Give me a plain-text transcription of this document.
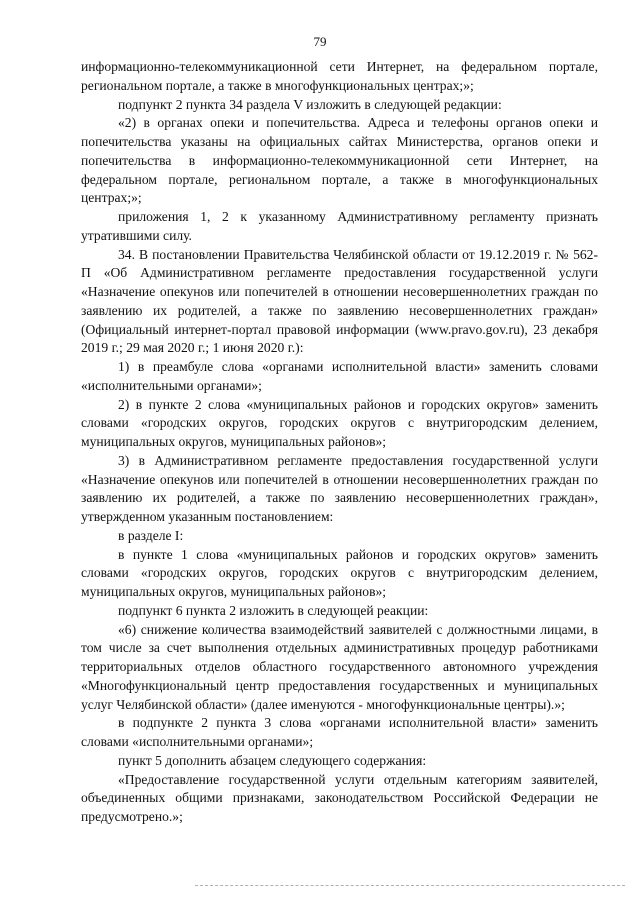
79

информационно-телекоммуникационной сети Интернет, на федеральном портале, региональном портале, а также в многофункциональных центрах;»;

подпункт 2 пункта 34 раздела V изложить в следующей редакции:

«2) в органах опеки и попечительства. Адреса и телефоны органов опеки и попечительства указаны на официальных сайтах Министерства, органов опеки и попечительства в информационно-телекоммуникационной сети Интернет, на федеральном портале, региональном портале, а также в многофункциональных центрах;»;

приложения 1, 2 к указанному Административному регламенту признать утратившими силу.

34. В постановлении Правительства Челябинской области от 19.12.2019 г. № 562-П «Об Административном регламенте предоставления государственной услуги «Назначение опекунов или попечителей в отношении несовершеннолетних граждан по заявлению их родителей, а также по заявлению несовершеннолетних граждан» (Официальный интернет-портал правовой информации (www.pravo.gov.ru), 23 декабря 2019 г.; 29 мая 2020 г.; 1 июня 2020 г.):

1) в преамбуле слова «органами исполнительной власти» заменить словами «исполнительными органами»;

2) в пункте 2 слова «муниципальных районов и городских округов» заменить словами «городских округов, городских округов с внутригородским делением, муниципальных округов, муниципальных районов»;

3) в Административном регламенте предоставления государственной услуги «Назначение опекунов или попечителей в отношении несовершеннолетних граждан по заявлению их родителей, а также по заявлению несовершеннолетних граждан», утвержденном указанным постановлением:

в разделе I:

в пункте 1 слова «муниципальных районов и городских округов» заменить словами «городских округов, городских округов с внутригородским делением, муниципальных округов, муниципальных районов»;

подпункт 6 пункта 2 изложить в следующей реакции:

«6) снижение количества взаимодействий заявителей с должностными лицами, в том числе за счет выполнения отдельных административных процедур работниками территориальных отделов областного государственного автономного учреждения «Многофункциональный центр предоставления государственных и муниципальных услуг Челябинской области» (далее именуются - многофункциональные центры).»;

в подпункте 2 пункта 3 слова «органами исполнительной власти» заменить словами «исполнительными органами»;

пункт 5 дополнить абзацем следующего содержания:

«Предоставление государственной услуги отдельным категориям заявителей, объединенных общими признаками, законодательством Российской Федерации не предусмотрено.»;
